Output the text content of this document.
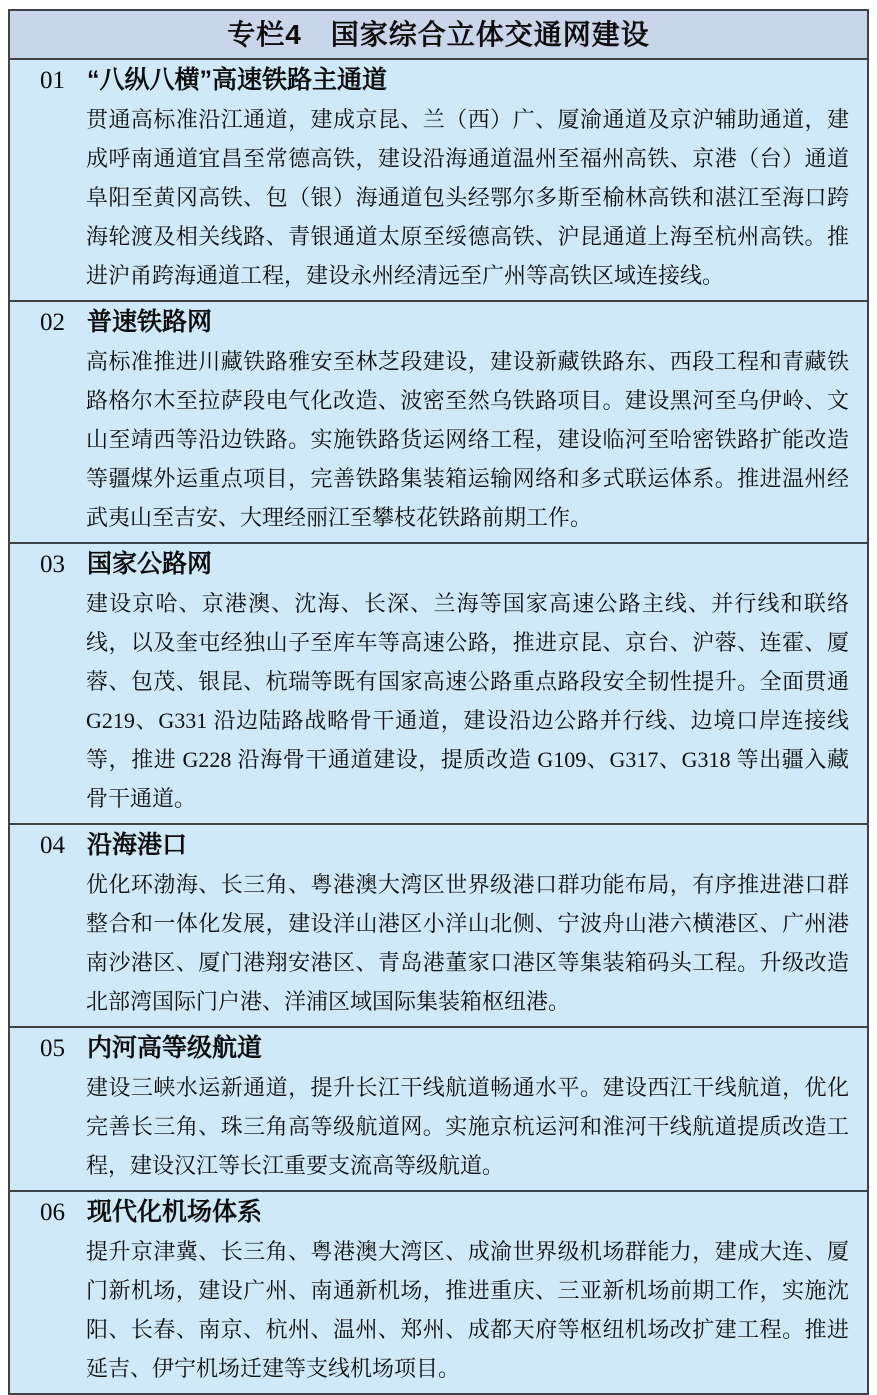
专栏4　国家综合立体交通网建设
01 “八纵八横”高速铁路主通道

贯通高标准沿江通道，建成京昆、兰（西）广、厦渝通道及京沪辅助通道，建成呼南通道宜昌至常德高铁，建设沿海通道温州至福州高铁、京港（台）通道阜阳至黄冈高铁、包（银）海通道包头经鄂尔多斯至榆林高铁和湛江至海口跨海轮渡及相关线路、青银通道太原至绥德高铁、沪昆通道上海至杭州高铁。推进沪甬跨海通道工程，建设永州经清远至广州等高铁区域连接线。

02 普速铁路网

高标准推进川藏铁路雅安至林芝段建设，建设新藏铁路东、西段工程和青藏铁路格尔木至拉萨段电气化改造、波密至然乌铁路项目。建设黑河至乌伊岭、文山至靖西等沿边铁路。实施铁路货运网络工程，建设临河至哈密铁路扩能改造等疆煤外运重点项目，完善铁路集装箱运输网络和多式联运体系。推进温州经武夷山至吉安、大理经丽江至攀枝花铁路前期工作。

03 国家公路网

建设京哈、京港澳、沈海、长深、兰海等国家高速公路主线、并行线和联络线，以及奎屯经独山子至库车等高速公路，推进京昆、京台、沪蓉、连霍、厦蓉、包茂、银昆、杭瑞等既有国家高速公路重点路段安全韧性提升。全面贯通 G219、G331 沿边陆路战略骨干通道，建设沿边公路并行线、边境口岸连接线等，推进 G228 沿海骨干通道建设，提质改造 G109、G317、G318 等出疆入藏骨干通道。

04 沿海港口

优化环渤海、长三角、粤港澳大湾区世界级港口群功能布局，有序推进港口群整合和一体化发展，建设洋山港区小洋山北侧、宁波舟山港六横港区、广州港南沙港区、厦门港翔安港区、青岛港董家口港区等集装箱码头工程。升级改造北部湾国际门户港、洋浦区域国际集装箱枢纽港。

05 内河高等级航道

建设三峡水运新通道，提升长江干线航道畅通水平。建设西江干线航道，优化完善长三角、珠三角高等级航道网。实施京杭运河和淮河干线航道提质改造工程，建设汉江等长江重要支流高等级航道。

06 现代化机场体系

提升京津冀、长三角、粤港澳大湾区、成渝世界级机场群能力，建成大连、厦门新机场，建设广州、南通新机场，推进重庆、三亚新机场前期工作，实施沈阳、长春、南京、杭州、温州、郑州、成都天府等枢纽机场改扩建工程。推进延吉、伊宁机场迁建等支线机场项目。
